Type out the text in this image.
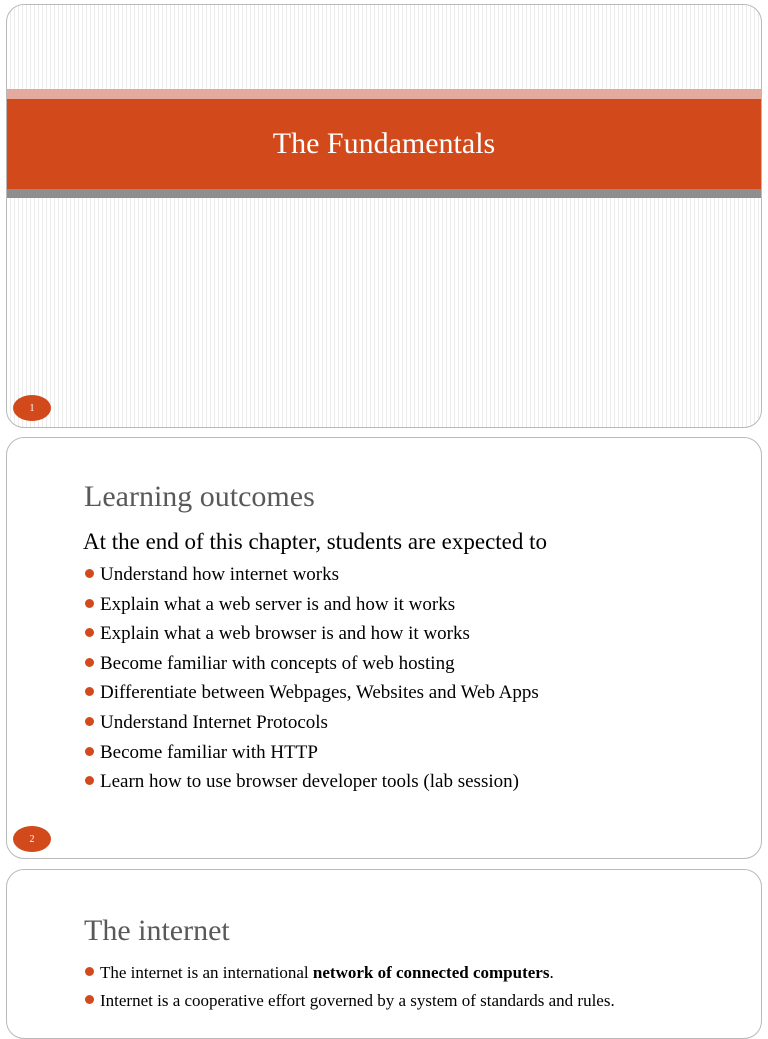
The Fundamentals
1
Learning outcomes
At the end of this chapter, students are expected to
Understand how internet works
Explain what a web server is and how it works
Explain what a web browser is and how it works
Become familiar with concepts of web hosting
Differentiate between Webpages, Websites and Web Apps
Understand Internet Protocols
Become familiar with HTTP
Learn how to use browser developer tools (lab session)
2
The internet
The internet is an international network of connected computers.
Internet is a cooperative effort governed by a system of standards and rules.
